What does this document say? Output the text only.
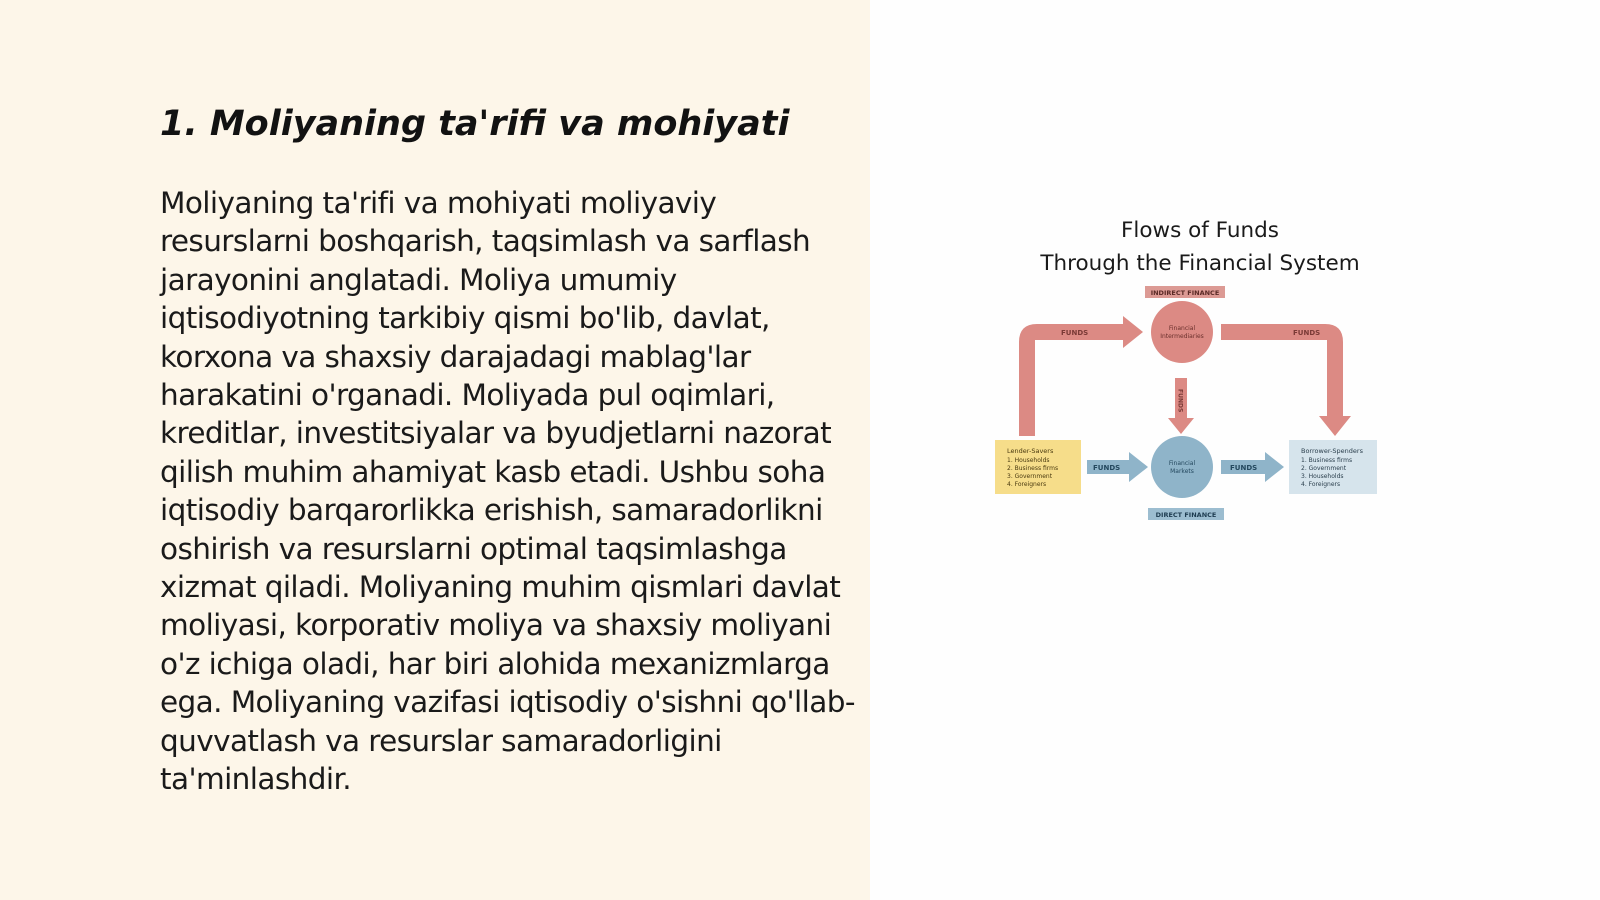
1. Moliyaning ta'rifi va mohiyati

Moliyaning ta'rifi va mohiyati moliyaviy resurslarni boshqarish, taqsimlash va sarflash jarayonini anglatadi. Moliya umumiy iqtisodiyotning tarkibiy qismi bo'lib, davlat, korxona va shaxsiy darajadagi mablag'lar harakatini o'rganadi. Moliyada pul oqimlari, kreditlar, investitsiyalar va byudjetlarni nazorat qilish muhim ahamiyat kasb etadi. Ushbu soha iqtisodiy barqarorlikka erishish, samaradorlikni oshirish va resurslarni optimal taqsimlashga xizmat qiladi. Moliyaning muhim qismlari davlat moliyasi, korporativ moliya va shaxsiy moliyani o'z ichiga oladi, har biri alohida mexanizmlarga ega. Moliyaning vazifasi iqtisodiy o'sishni qo'llab-quvvatlash va resurslar samaradorligini ta'minlashdir.

Flows of Funds
Through the Financial System
FUNDS	FUNDS
FUNDS
INDIRECT FINANCE
Financial
Intermediaries
Lender-Savers
1. Households
2. Business firms
3. Government
4. Foreigners
FUNDS
Financial
Markets	FUNDS
DIRECT FINANCE
Borrower-Spenders
1. Business firms
2. Government
3. Households
4. Foreigners
